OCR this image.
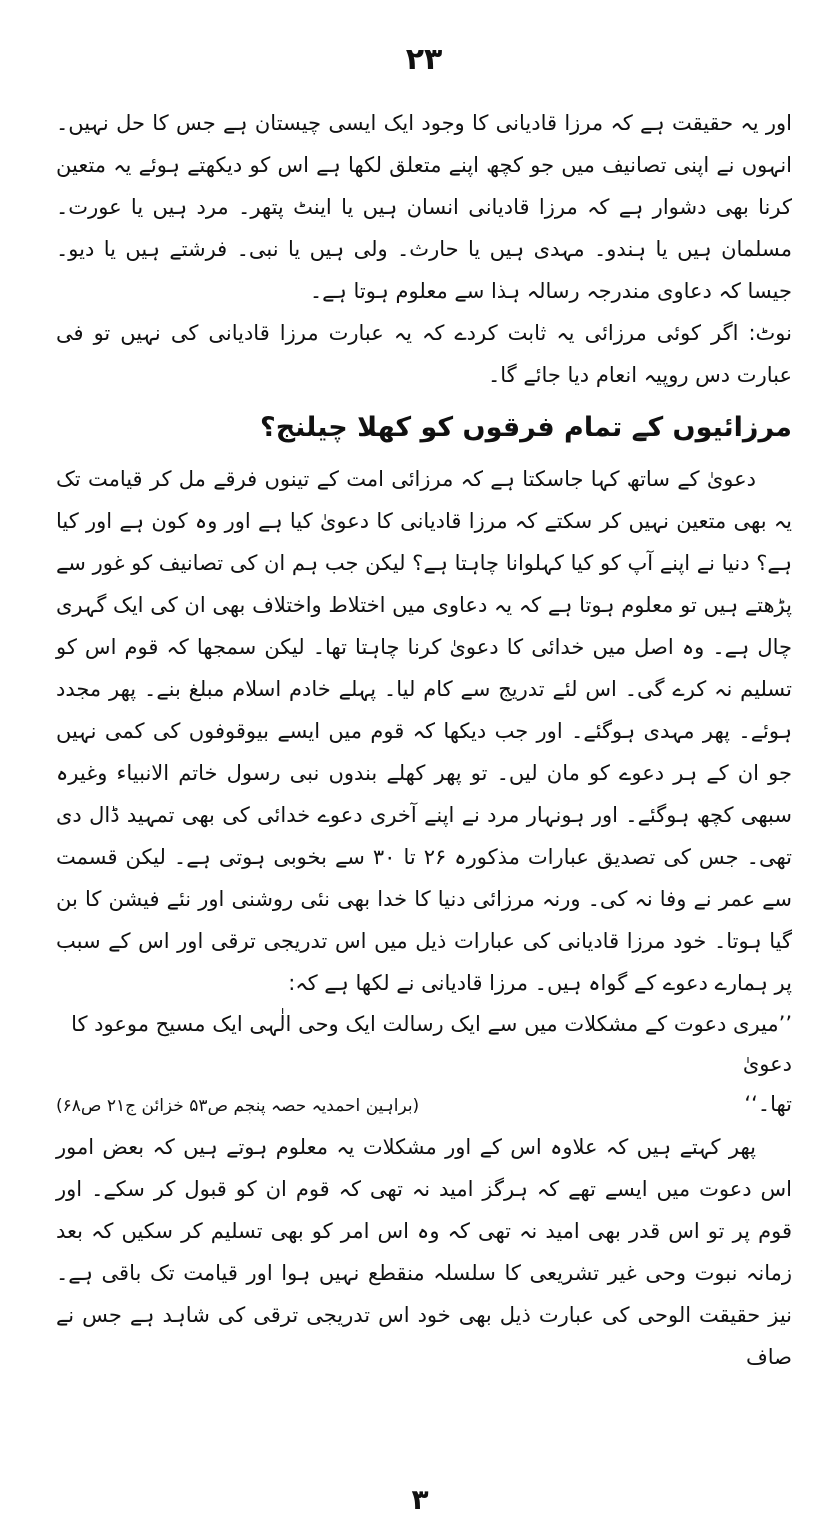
۲۳

اور یہ حقیقت ہے کہ مرزا قادیانی کا وجود ایک ایسی چیستان ہے جس کا حل نہیں۔ انہوں نے اپنی تصانیف میں جو کچھ اپنے متعلق لکھا ہے اس کو دیکھتے ہوئے یہ متعین کرنا بھی دشوار ہے کہ مرزا قادیانی انسان ہیں یا اینٹ پتھر۔ مرد ہیں یا عورت۔ مسلمان ہیں یا ہندو۔ مہدی ہیں یا حارث۔ ولی ہیں یا نبی۔ فرشتے ہیں یا دیو۔ جیسا کہ دعاوی مندرجہ رسالہ ہذا سے معلوم ہوتا ہے۔

نوٹ: اگر کوئی مرزائی یہ ثابت کردے کہ یہ عبارت مرزا قادیانی کی نہیں تو فی عبارت دس روپیہ انعام دیا جائے گا۔

مرزائیوں کے تمام فرقوں کو کھلا چیلنج؟

دعویٰ کے ساتھ کہا جاسکتا ہے کہ مرزائی امت کے تینوں فرقے مل کر قیامت تک یہ بھی متعین نہیں کر سکتے کہ مرزا قادیانی کا دعویٰ کیا ہے اور وہ کون ہے اور کیا ہے؟ دنیا نے اپنے آپ کو کیا کہلوانا چاہتا ہے؟ لیکن جب ہم ان کی تصانیف کو غور سے پڑھتے ہیں تو معلوم ہوتا ہے کہ یہ دعاوی میں اختلاط واختلاف بھی ان کی ایک گہری چال ہے۔ وہ اصل میں خدائی کا دعویٰ کرنا چاہتا تھا۔ لیکن سمجھا کہ قوم اس کو تسلیم نہ کرے گی۔ اس لئے تدریج سے کام لیا۔ پہلے خادم اسلام مبلغ بنے۔ پھر مجدد ہوئے۔ پھر مہدی ہوگئے۔ اور جب دیکھا کہ قوم میں ایسے بیوقوفوں کی کمی نہیں جو ان کے ہر دعوے کو مان لیں۔ تو پھر کھلے بندوں نبی رسول خاتم الانبیاء وغیرہ سبھی کچھ ہوگئے۔ اور ہونہار مرد نے اپنے آخری دعوے خدائی کی بھی تمہید ڈال دی تھی۔ جس کی تصدیق عبارات مذکورہ ۲۶ تا ۳۰ سے بخوبی ہوتی ہے۔ لیکن قسمت سے عمر نے وفا نہ کی۔ ورنہ مرزائی دنیا کا خدا بھی نئی روشنی اور نئے فیشن کا بن گیا ہوتا۔ خود مرزا قادیانی کی عبارات ذیل میں اس تدریجی ترقی اور اس کے سبب پر ہمارے دعوے کے گواہ ہیں۔ مرزا قادیانی نے لکھا ہے کہ:

’’میری دعوت کے مشکلات میں سے ایک رسالت ایک وحی الٰہی ایک مسیح موعود کا دعویٰ

تھا۔‘‘
(براہین احمدیہ حصہ پنجم ص۵۳ خزائن ج۲۱ ص۶۸)

پھر کہتے ہیں کہ علاوہ اس کے اور مشکلات یہ معلوم ہوتے ہیں کہ بعض امور اس دعوت میں ایسے تھے کہ ہرگز امید نہ تھی کہ قوم ان کو قبول کر سکے۔ اور قوم پر تو اس قدر بھی امید نہ تھی کہ وہ اس امر کو بھی تسلیم کر سکیں کہ بعد زمانہ نبوت وحی غیر تشریعی کا سلسلہ منقطع نہیں ہوا اور قیامت تک باقی ہے۔ نیز حقیقت الوحی کی عبارت ذیل بھی خود اس تدریجی ترقی کی شاہد ہے جس نے صاف

۳
